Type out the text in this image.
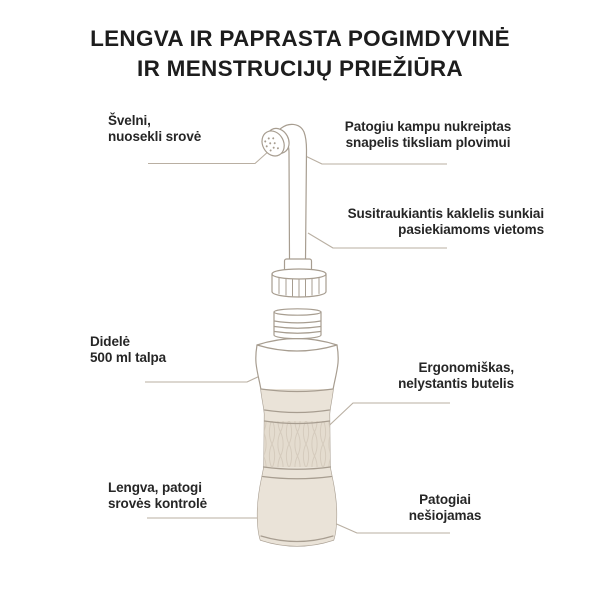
LENGVA IR PAPRASTA POGIMDYVINĖ
IR MENSTRUCIJŲ PRIEŽIŪRA
Švelni,
nuosekli srovė
Patogiu kampu nukreiptas
snapelis tiksliam plovimui
Susitraukiantis kaklelis sunkiai
pasiekiamoms vietoms
Didelė
500 ml talpa
Ergonomiškas,
nelystantis butelis
Lengva, patogi
srovės kontrolė	Patogiai
nešiojamas
